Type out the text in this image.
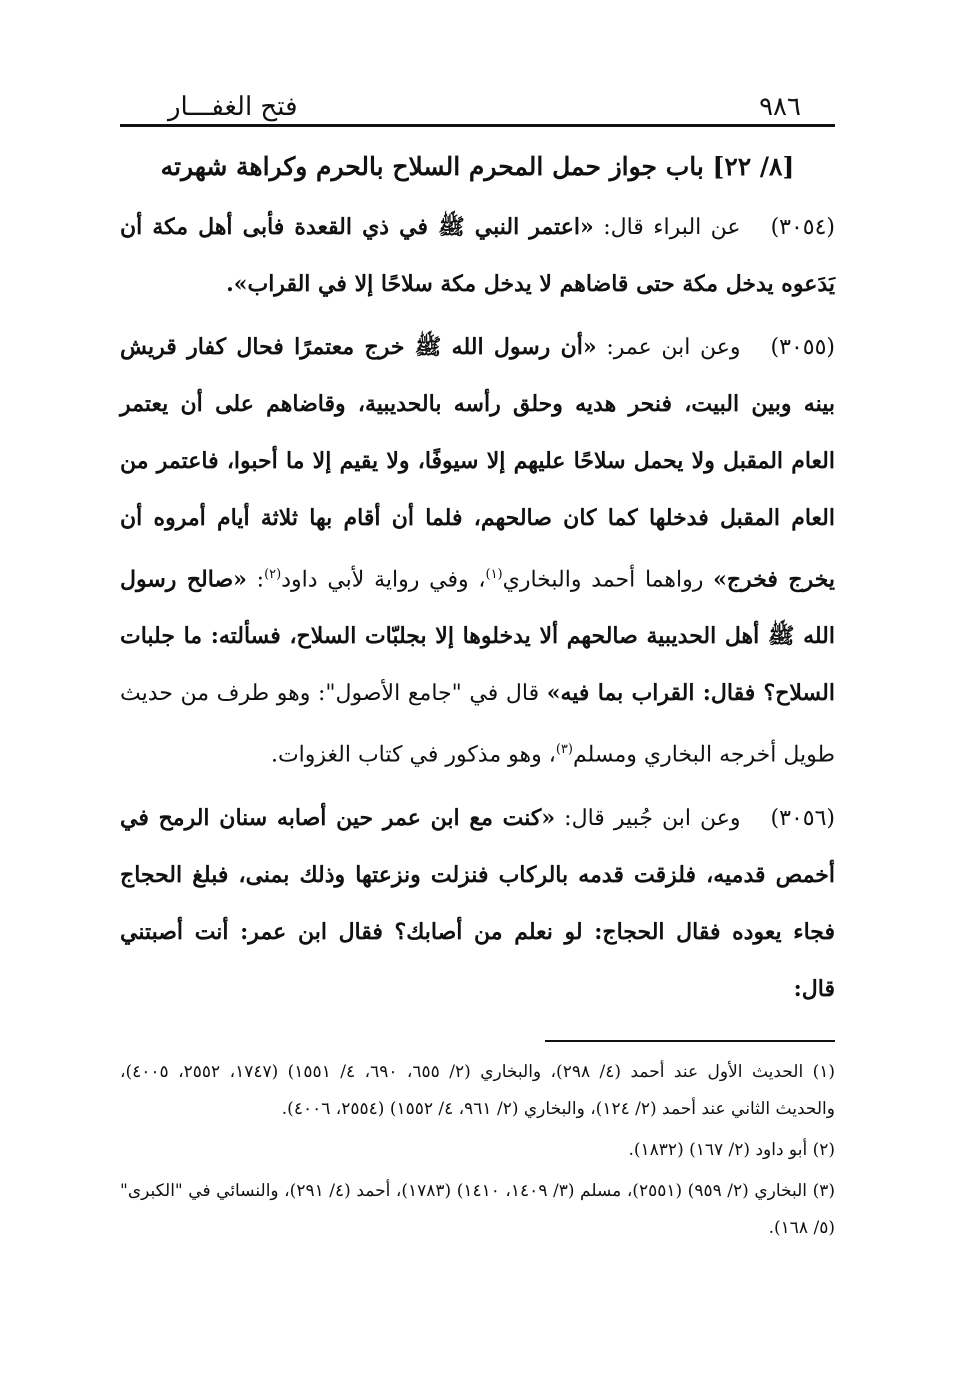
٩٨٦
فتح الغفـــار
[٨/ ٢٢] باب جواز حمل المحرم السلاح بالحرم وكراهة شهرته

(٣٠٥٤)عن البراء قال: «اعتمر النبي ﷺ في ذي القعدة فأبى أهل مكة أن يَدَعوه يدخل مكة حتى قاضاهم لا يدخل مكة سلاحًا إلا في القراب».

(٣٠٥٥)وعن ابن عمر: «أن رسول الله ﷺ خرج معتمرًا فحال كفار قريش بينه وبين البيت، فنحر هديه وحلق رأسه بالحديبية، وقاضاهم على أن يعتمر العام المقبل ولا يحمل سلاحًا عليهم إلا سيوفًا، ولا يقيم إلا ما أحبوا، فاعتمر من العام المقبل فدخلها كما كان صالحهم، فلما أن أقام بها ثلاثة أيام أمروه أن يخرج فخرج» رواهما أحمد والبخاري$^{(١)}$، وفي رواية لأبي داود$^{(٢)}$: «صالح رسول الله ﷺ أهل الحديبية صالحهم ألا يدخلوها إلا بجلبّات السلاح، فسألته: ما جلبات السلاح؟ فقال: القراب بما فيه» قال في "جامع الأصول": وهو طرف من حديث طويل أخرجه البخاري ومسلم$^{(٣)}$، وهو مذكور في كتاب الغزوات.

(٣٠٥٦)وعن ابن جُبير قال: «كنت مع ابن عمر حين أصابه سنان الرمح في أخمص قدميه، فلزقت قدمه بالركاب فنزلت ونزعتها وذلك بمنى، فبلغ الحجاج فجاء يعوده فقال الحجاج: لو نعلم من أصابك؟ فقال ابن عمر: أنت أصبتني قال:

(١) الحديث الأول عند أحمد (٤/ ٢٩٨)، والبخاري (٢/ ٦٥٥، ٦٩٠، ٤/ ١٥٥١) (١٧٤٧، ٢٥٥٢، ٤٠٠٥)، والحديث الثاني عند أحمد (٢/ ١٢٤)، والبخاري (٢/ ٩٦١، ٤/ ١٥٥٢) (٢٥٥٤، ٤٠٠٦).

(٢) أبو داود (٢/ ١٦٧) (١٨٣٢).

(٣) البخاري (٢/ ٩٥٩) (٢٥٥١)، مسلم (٣/ ١٤٠٩، ١٤١٠) (١٧٨٣)، أحمد (٤/ ٢٩١)، والنسائي في "الكبرى" (٥/ ١٦٨).
